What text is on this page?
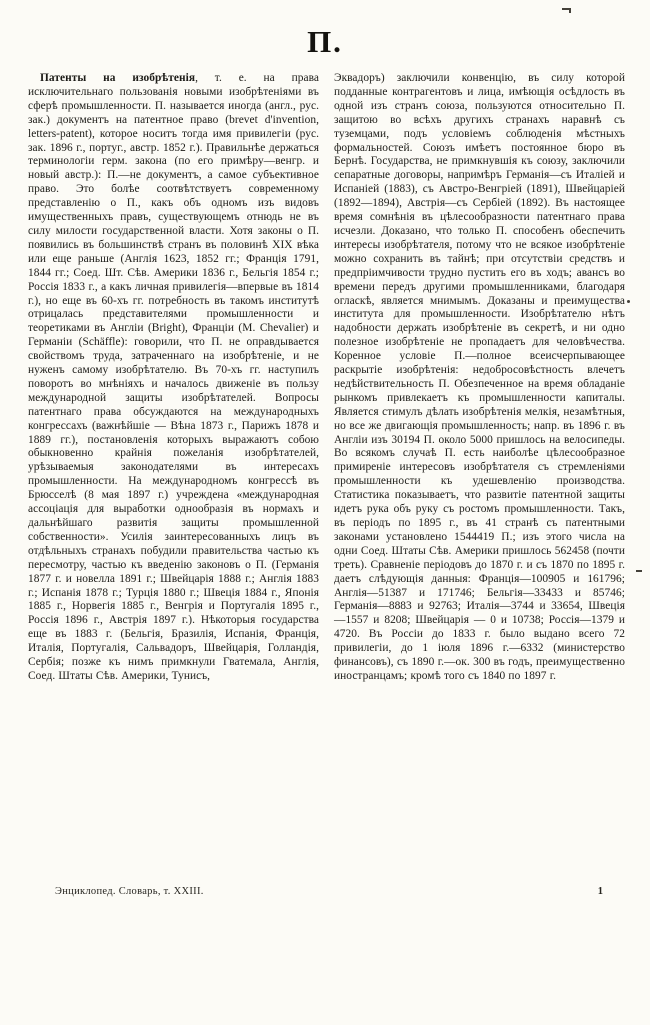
П.

Патенты на изобрѣтенія, т. е. на права исключительнаго пользованія новыми изобрѣтеніями въ сферѣ промышленности. П. называется иногда (англ., рус. зак.) документъ на патентное право (brevet d'invention, letters-patent), которое носитъ тогда имя привилегіи (рус. зак. 1896 г., португ., австр. 1852 г.). Правильнѣе держаться терминологіи герм. закона (по его примѣру—венгр. и новый австр.): П.—не документъ, а самое субъективное право. Это болѣе соотвѣтствуетъ современному представленію о П., какъ объ одномъ изъ видовъ имущественныхъ правъ, существующемъ отнюдь не въ силу милости государственной власти. Хотя законы о П. появились въ большинствѣ странъ въ половинѣ XIX вѣка или еще раньше (Англія 1623, 1852 гг.; Франція 1791, 1844 гг.; Соед. Шт. Сѣв. Америки 1836 г., Бельгія 1854 г.; Россія 1833 г., а какъ личная привилегія—впервые въ 1814 г.), но еще въ 60-хъ гг. потребность въ такомъ институтѣ отрицалась представителями промышленности и теоретиками въ Англіи (Bright), Франціи (M. Chevalier) и Германіи (Schäffle): говорили, что П. не оправдывается свойствомъ труда, затраченнаго на изобрѣтеніе, и не нуженъ самому изобрѣтателю. Въ 70-хъ гг. наступилъ поворотъ во мнѣніяхъ и началось движеніе въ пользу международной защиты изобрѣтателей. Вопросы патентнаго права обсуждаются на международныхъ конгрессахъ (важнѣйшіе — Вѣна 1873 г., Парижъ 1878 и 1889 гг.), постановленія которыхъ выражаютъ собою обыкновенно крайнія пожеланія изобрѣтателей, урѣзываемыя законодателями въ интересахъ промышленности. На международномъ конгрессѣ въ Брюсселѣ (8 мая 1897 г.) учреждена «международная ассоціація для выработки однообразія въ нормахъ и дальнѣйшаго развитія защиты промышленной собственности». Усилія заинтересованныхъ лицъ въ отдѣльныхъ странахъ побудили правительства частью къ пересмотру, частью къ введенію законовъ о П. (Германія 1877 г. и новелла 1891 г.; Швейцарія 1888 г.; Англія 1883 г.; Испанія 1878 г.; Турція 1880 г.; Швеція 1884 г., Японія 1885 г., Норвегія 1885 г., Венгрія и Португалія 1895 г., Россія 1896 г., Австрія 1897 г.). Нѣкоторыя государства еще въ 1883 г. (Бельгія, Бразилія, Испанія, Франція, Италія, Португалія, Сальвадоръ, Швейцарія, Голландія, Сербія; позже къ нимъ примкнули Гватемала, Англія, Соед. Штаты Сѣв. Америки, Тунисъ,

Эквадоръ) заключили конвенцію, въ силу которой подданные контрагентовъ и лица, имѣющія осѣдлость въ одной изъ странъ союза, пользуются относительно П. защитою во всѣхъ другихъ странахъ наравнѣ съ туземцами, подъ условіемъ соблюденія мѣстныхъ формальностей. Союзъ имѣетъ постоянное бюро въ Бернѣ. Государства, не примкнувшія къ союзу, заключили сепаратные договоры, напримѣръ Германія—съ Италіей и Испаніей (1883), съ Австро-Венгріей (1891), Швейцаріей (1892—1894), Австрія—съ Сербіей (1892). Въ настоящее время сомнѣнія въ цѣлесообразности патентнаго права исчезли. Доказано, что только П. способенъ обеспечить интересы изобрѣтателя, потому что не всякое изобрѣтеніе можно сохранить въ тайнѣ; при отсутствіи средствъ и предпріимчивости трудно пустить его въ ходъ; авансъ во времени передъ другими промышленниками, благодаря огласкѣ, является мнимымъ. Доказаны и преимущества института для промышленности. Изобрѣтателю нѣтъ надобности держать изобрѣтеніе въ секретѣ, и ни одно полезное изобрѣтеніе не пропадаетъ для человѣчества. Коренное условіе П.—полное всеисчерпывающее раскрытіе изобрѣтенія: недобросовѣстность влечетъ недѣйствительность П. Обезпеченное на время обладаніе рынкомъ привлекаетъ къ промышленности капиталы. Является стимулъ дѣлать изобрѣтенія мелкія, незамѣтныя, но все же двигающія промышленность; напр. въ 1896 г. въ Англіи изъ 30194 П. около 5000 пришлось на велосипеды. Во всякомъ случаѣ П. есть наиболѣе цѣлесообразное примиреніе интересовъ изобрѣтателя съ стремленіями промышленности къ удешевленію производства. Статистика показываетъ, что развитіе патентной защиты идетъ рука объ руку съ ростомъ промышленности. Такъ, въ періодъ по 1895 г., въ 41 странѣ съ патентными законами установлено 1544419 П.; изъ этого числа на одни Соед. Штаты Сѣв. Америки пришлось 562458 (почти треть). Сравненіе періодовъ до 1870 г. и съ 1870 по 1895 г. даетъ слѣдующія данныя: Франція—100905 и 161796; Англія—51387 и 171746; Бельгія—33433 и 85746; Германія—8883 и 92763; Италія—3744 и 33654, Швеція —1557 и 8208; Швейцарія — 0 и 10738; Россія—1379 и 4720. Въ Россіи до 1833 г. было выдано всего 72 привилегіи, до 1 іюля 1896 г.—6332 (министерство финансовъ), съ 1890 г.—ок. 300 въ годъ, преимущественно иностранцамъ; кромѣ того съ 1840 по 1897 г.

Энциклопед. Словарь, т. XXIII.	1
